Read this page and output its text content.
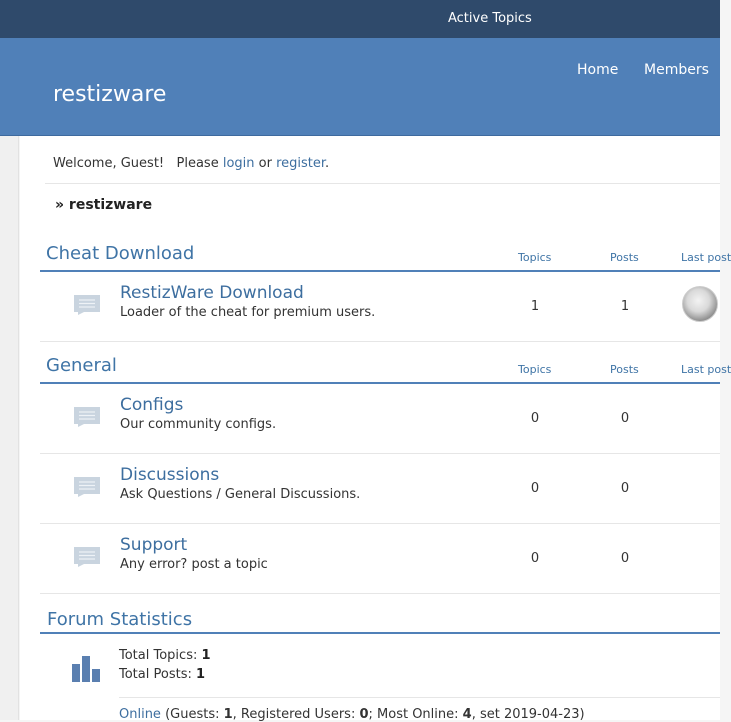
Active Topics
restizware
Home Members
Welcome, Guest!   Please login or register.
» restizware
Cheat Download	Topics	Posts	Last post
RestizWare Download
Loader of the cheat for premium users.	1	1
General	Topics	Posts	Last post
Configs
Our community configs.	0	0
Discussions
Ask Questions / General Discussions.	0	0
Support
Any error? post a topic	0	0
Forum Statistics
Total Topics: 1
Total Posts: 1
Online (Guests: 1, Registered Users: 0; Most Online: 4, set 2019-04-23)
